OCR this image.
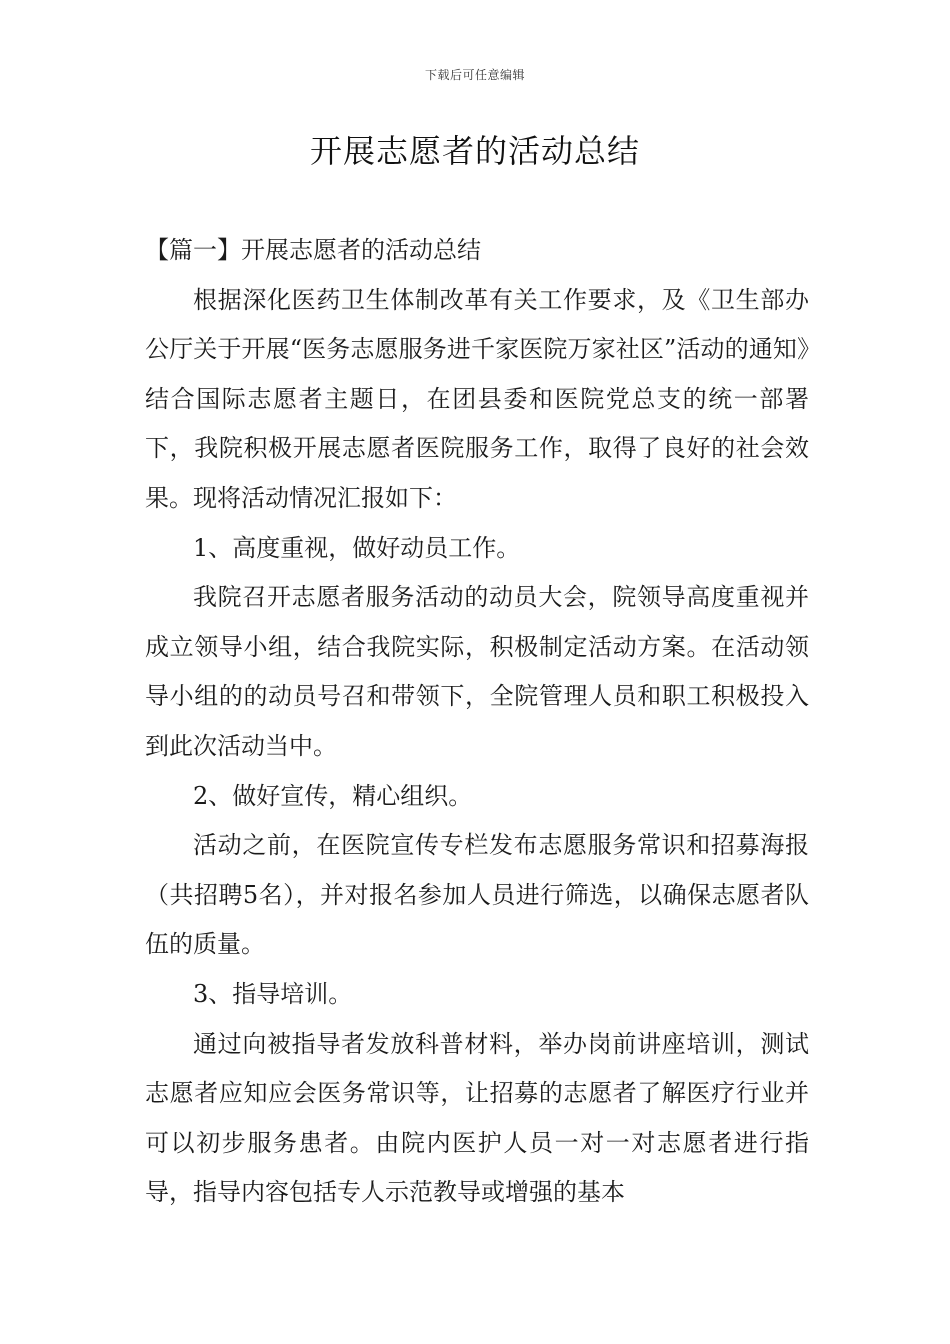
下载后可任意编辑
开展志愿者的活动总结

【篇一】开展志愿者的活动总结

根据深化医药卫生体制改革有关工作要求，及《卫生部办公厅关于开展“医务志愿服务进千家医院万家社区”活动的通知》结合国际志愿者主题日，在团县委和医院党总支的统一部署下，我院积极开展志愿者医院服务工作，取得了良好的社会效果。现将活动情况汇报如下：

1、高度重视，做好动员工作。

我院召开志愿者服务活动的动员大会，院领导高度重视并成立领导小组，结合我院实际，积极制定活动方案。在活动领导小组的的动员号召和带领下，全院管理人员和职工积极投入到此次活动当中。

2、做好宣传，精心组织。

活动之前，在医院宣传专栏发布志愿服务常识和招募海报（共招聘5名），并对报名参加人员进行筛选，以确保志愿者队伍的质量。

3、指导培训。

通过向被指导者发放科普材料，举办岗前讲座培训，测试志愿者应知应会医务常识等，让招募的志愿者了解医疗行业并可以初步服务患者。由院内医护人员一对一对志愿者进行指导，指导内容包括专人示范教导或增强的基本
